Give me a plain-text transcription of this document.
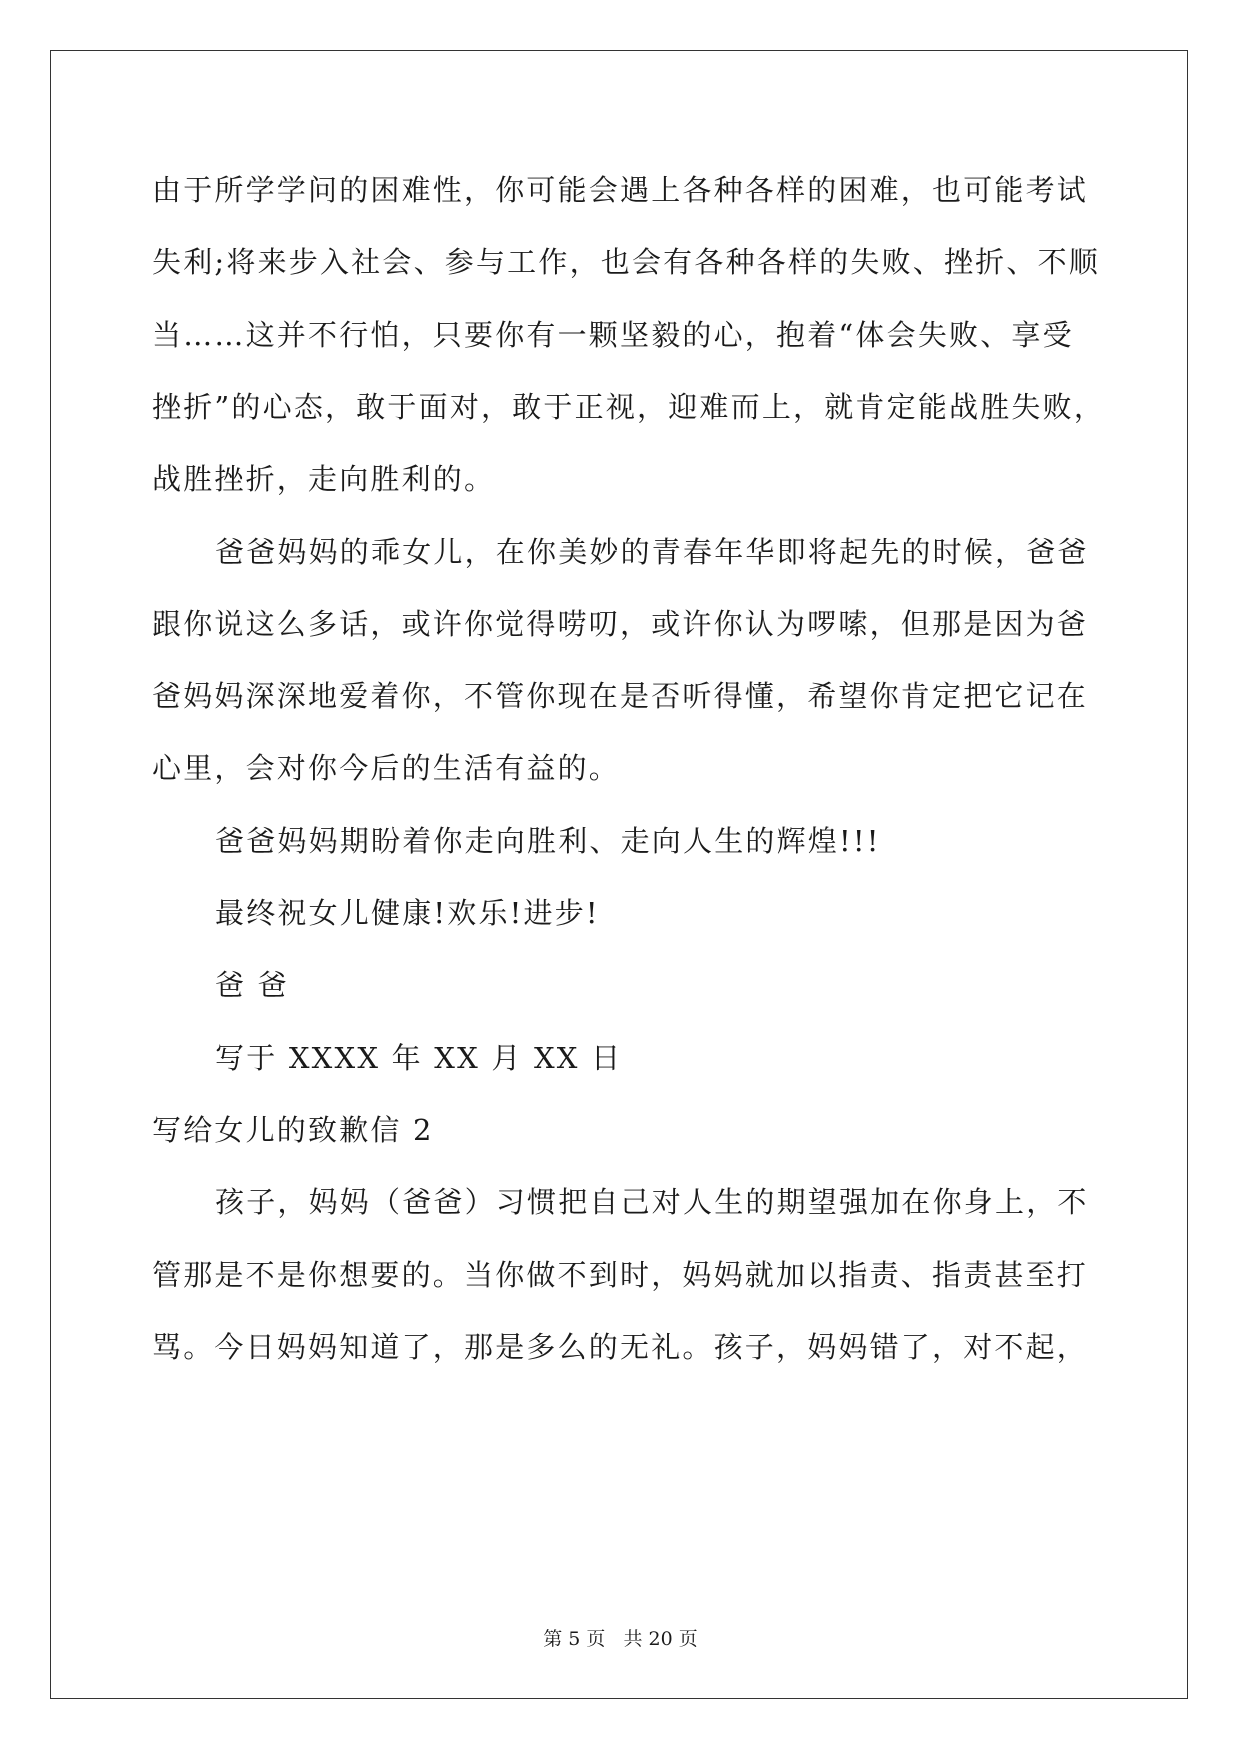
由于所学学问的困难性，你可能会遇上各种各样的困难，也可能考试
失利;将来步入社会、参与工作，也会有各种各样的失败、挫折、不顺
当……这并不行怕，只要你有一颗坚毅的心，抱着“体会失败、享受
挫折”的心态，敢于面对，敢于正视，迎难而上，就肯定能战胜失败，
战胜挫折，走向胜利的。
爸爸妈妈的乖女儿，在你美妙的青春年华即将起先的时候，爸爸
跟你说这么多话，或许你觉得唠叨，或许你认为啰嗦，但那是因为爸
爸妈妈深深地爱着你，不管你现在是否听得懂，希望你肯定把它记在
心里，会对你今后的生活有益的。
爸爸妈妈期盼着你走向胜利、走向人生的辉煌!!!
最终祝女儿健康!欢乐!进步!
爸 爸
写于 XXXX 年 XX 月 XX 日
写给女儿的致歉信 2
孩子，妈妈（爸爸）习惯把自己对人生的期望强加在你身上，不
管那是不是你想要的。当你做不到时，妈妈就加以指责、指责甚至打
骂。今日妈妈知道了，那是多么的无礼。孩子，妈妈错了，对不起，
第 5 页   共 20 页
